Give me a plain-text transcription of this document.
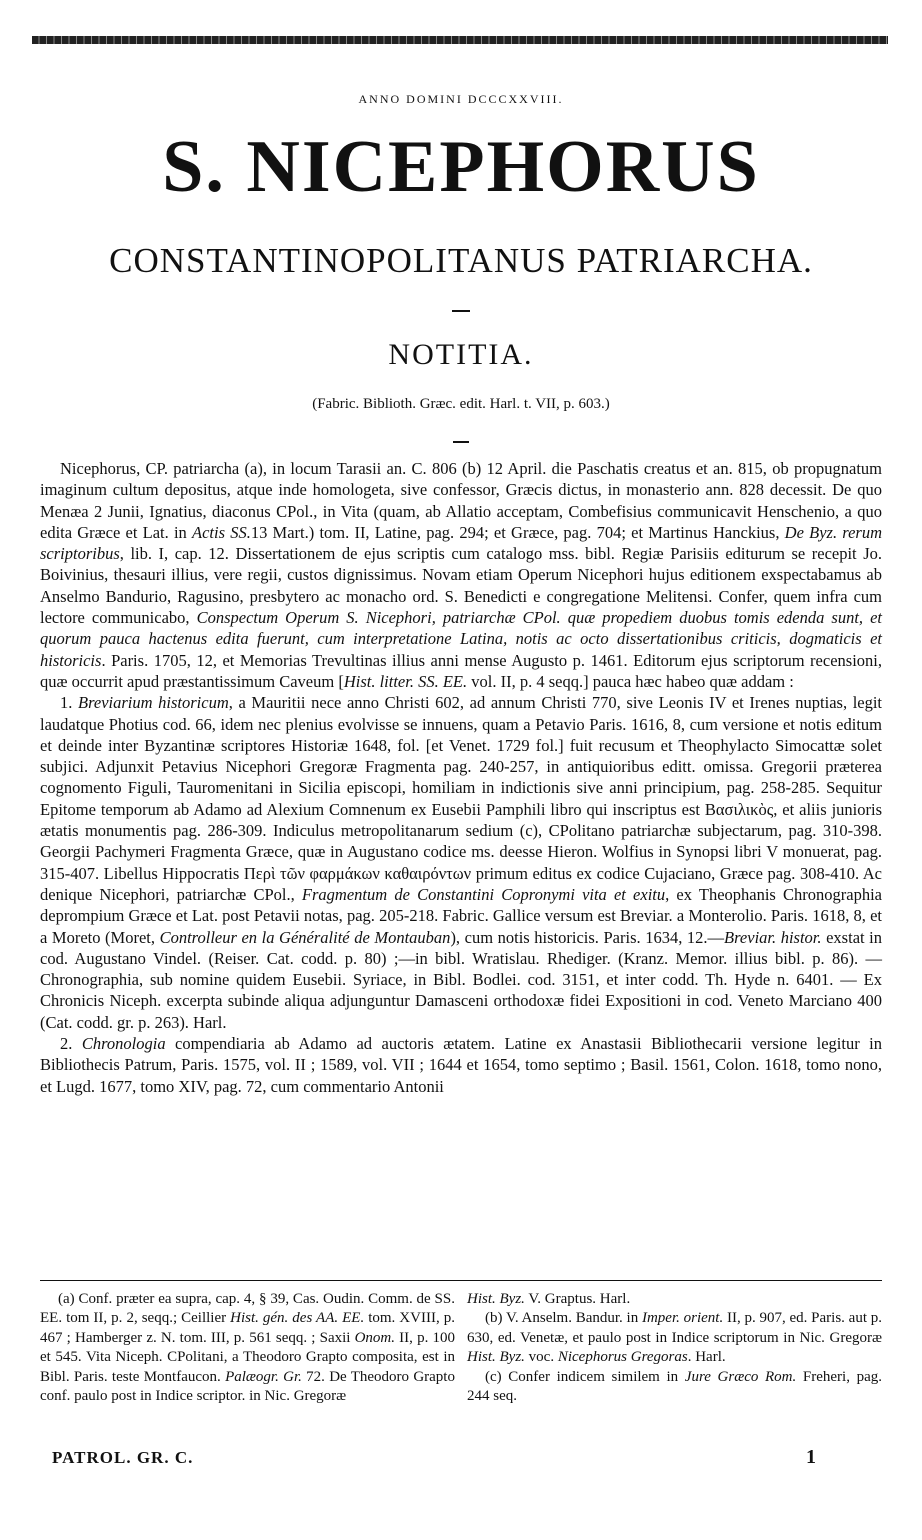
ANNO DOMINI DCCCXXVIII.
S. NICEPHORUS
CONSTANTINOPOLITANUS PATRIARCHA.
NOTITIA.
(Fabric. Biblioth. Græc. edit. Harl. t. VII, p. 603.)

Nicephorus, CP. patriarcha (a), in locum Tarasii an. C. 806 (b) 12 April. die Paschatis creatus et an. 815, ob propugnatum imaginum cultum depositus, atque inde homologeta, sive confessor, Græcis dictus, in monasterio ann. 828 decessit. De quo Menæa 2 Junii, Ignatius, diaconus CPol., in Vita (quam, ab Allatio acceptam, Combefisius communicavit Henschenio, a quo edita Græce et Lat. in Actis SS.13 Mart.) tom. II, Latine, pag. 294; et Græce, pag. 704; et Martinus Hanckius, De Byz. rerum scriptoribus, lib. I, cap. 12. Dissertationem de ejus scriptis cum catalogo mss. bibl. Regiæ Parisiis editurum se recepit Jo. Boivinius, thesauri illius, vere regii, custos dignissimus. Novam etiam Operum Nicephori hujus editionem exspectabamus ab Anselmo Bandurio, Ragusino, presbytero ac monacho ord. S. Benedicti e congregatione Melitensi. Confer, quem infra cum lectore communicabo, Conspectum Operum S. Nicephori, patriarchæ CPol. quæ propediem duobus tomis edenda sunt, et quorum pauca hactenus edita fuerunt, cum interpretatione Latina, notis ac octo dissertationibus criticis, dogmaticis et historicis. Paris. 1705, 12, et Memorias Trevultinas illius anni mense Augusto p. 1461. Editorum ejus scriptorum recensioni, quæ occurrit apud præstantissimum Caveum [Hist. litter. SS. EE. vol. II, p. 4 seqq.] pauca hæc habeo quæ addam :

1. Breviarium historicum, a Mauritii nece anno Christi 602, ad annum Christi 770, sive Leonis IV et Irenes nuptias, legit laudatque Photius cod. 66, idem nec plenius evolvisse se innuens, quam a Petavio Paris. 1616, 8, cum versione et notis editum et deinde inter Byzantinæ scriptores Historiæ 1648, fol. [et Venet. 1729 fol.] fuit recusum et Theophylacto Simocattæ solet subjici. Adjunxit Petavius Nicephori Gregoræ Fragmenta pag. 240-257, in antiquioribus editt. omissa. Gregorii præterea cognomento Figuli, Tauromenitani in Sicilia episcopi, homiliam in indictionis sive anni principium, pag. 258-285. Sequitur Epitome temporum ab Adamo ad Alexium Comnenum ex Eusebii Pamphili libro qui inscriptus est Βασιλικὸς, et aliis junioris ætatis monumentis pag. 286-309. Indiculus metropolitanarum sedium (c), CPolitano patriarchæ subjectarum, pag. 310-398. Georgii Pachymeri Fragmenta Græce, quæ in Augustano codice ms. deesse Hieron. Wolfius in Synopsi libri V monuerat, pag. 315-407. Libellus Hippocratis Περὶ τῶν φαρμάκων καθαιρόντων primum editus ex codice Cujaciano, Græce pag. 308-410. Ac denique Nicephori, patriarchæ CPol., Fragmentum de Constantini Copronymi vita et exitu, ex Theophanis Chronographia deprompium Græce et Lat. post Petavii notas, pag. 205-218. Fabric. Gallice versum est Breviar. a Monterolio. Paris. 1618, 8, et a Moreto (Moret, Controlleur en la Généralité de Montauban), cum notis historicis. Paris. 1634, 12.—Breviar. histor. exstat in cod. Augustano Vindel. (Reiser. Cat. codd. p. 80) ;—in bibl. Wratislau. Rhediger. (Kranz. Memor. illius bibl. p. 86). — Chronographia, sub nomine quidem Eusebii. Syriace, in Bibl. Bodlei. cod. 3151, et inter codd. Th. Hyde n. 6401. — Ex Chronicis Niceph. excerpta subinde aliqua adjunguntur Damasceni orthodoxæ fidei Expositioni in cod. Veneto Marciano 400 (Cat. codd. gr. p. 263). Harl.

2. Chronologia compendiaria ab Adamo ad auctoris ætatem. Latine ex Anastasii Bibliothecarii versione legitur in Bibliothecis Patrum, Paris. 1575, vol. II ; 1589, vol. VII ; 1644 et 1654, tomo septimo ; Basil. 1561, Colon. 1618, tomo nono, et Lugd. 1677, tomo XIV, pag. 72, cum commentario Antonii

(a) Conf. præter ea supra, cap. 4, § 39, Cas. Oudin. Comm. de SS. EE. tom II, p. 2, seqq.; Ceillier Hist. gén. des AA. EE. tom. XVIII, p. 467 ; Hamberger z. N. tom. III, p. 561 seqq. ; Saxii Onom. II, p. 100 et 545. Vita Niceph. CPolitani, a Theodoro Grapto composita, est in Bibl. Paris. teste Montfaucon. Palæogr. Gr. 72. De Theodoro Grapto conf. paulo post in Indice scriptor. in Nic. Gregoræ

Hist. Byz. V. Graptus. Harl.

(b) V. Anselm. Bandur. in Imper. orient. II, p. 907, ed. Paris. aut p. 630, ed. Venetæ, et paulo post in Indice scriptorum in Nic. Gregoræ Hist. Byz. voc. Nicephorus Gregoras. Harl.

(c) Confer indicem similem in Jure Græco Rom. Freheri, pag. 244 seq.

PATROL. GR. C.	1
